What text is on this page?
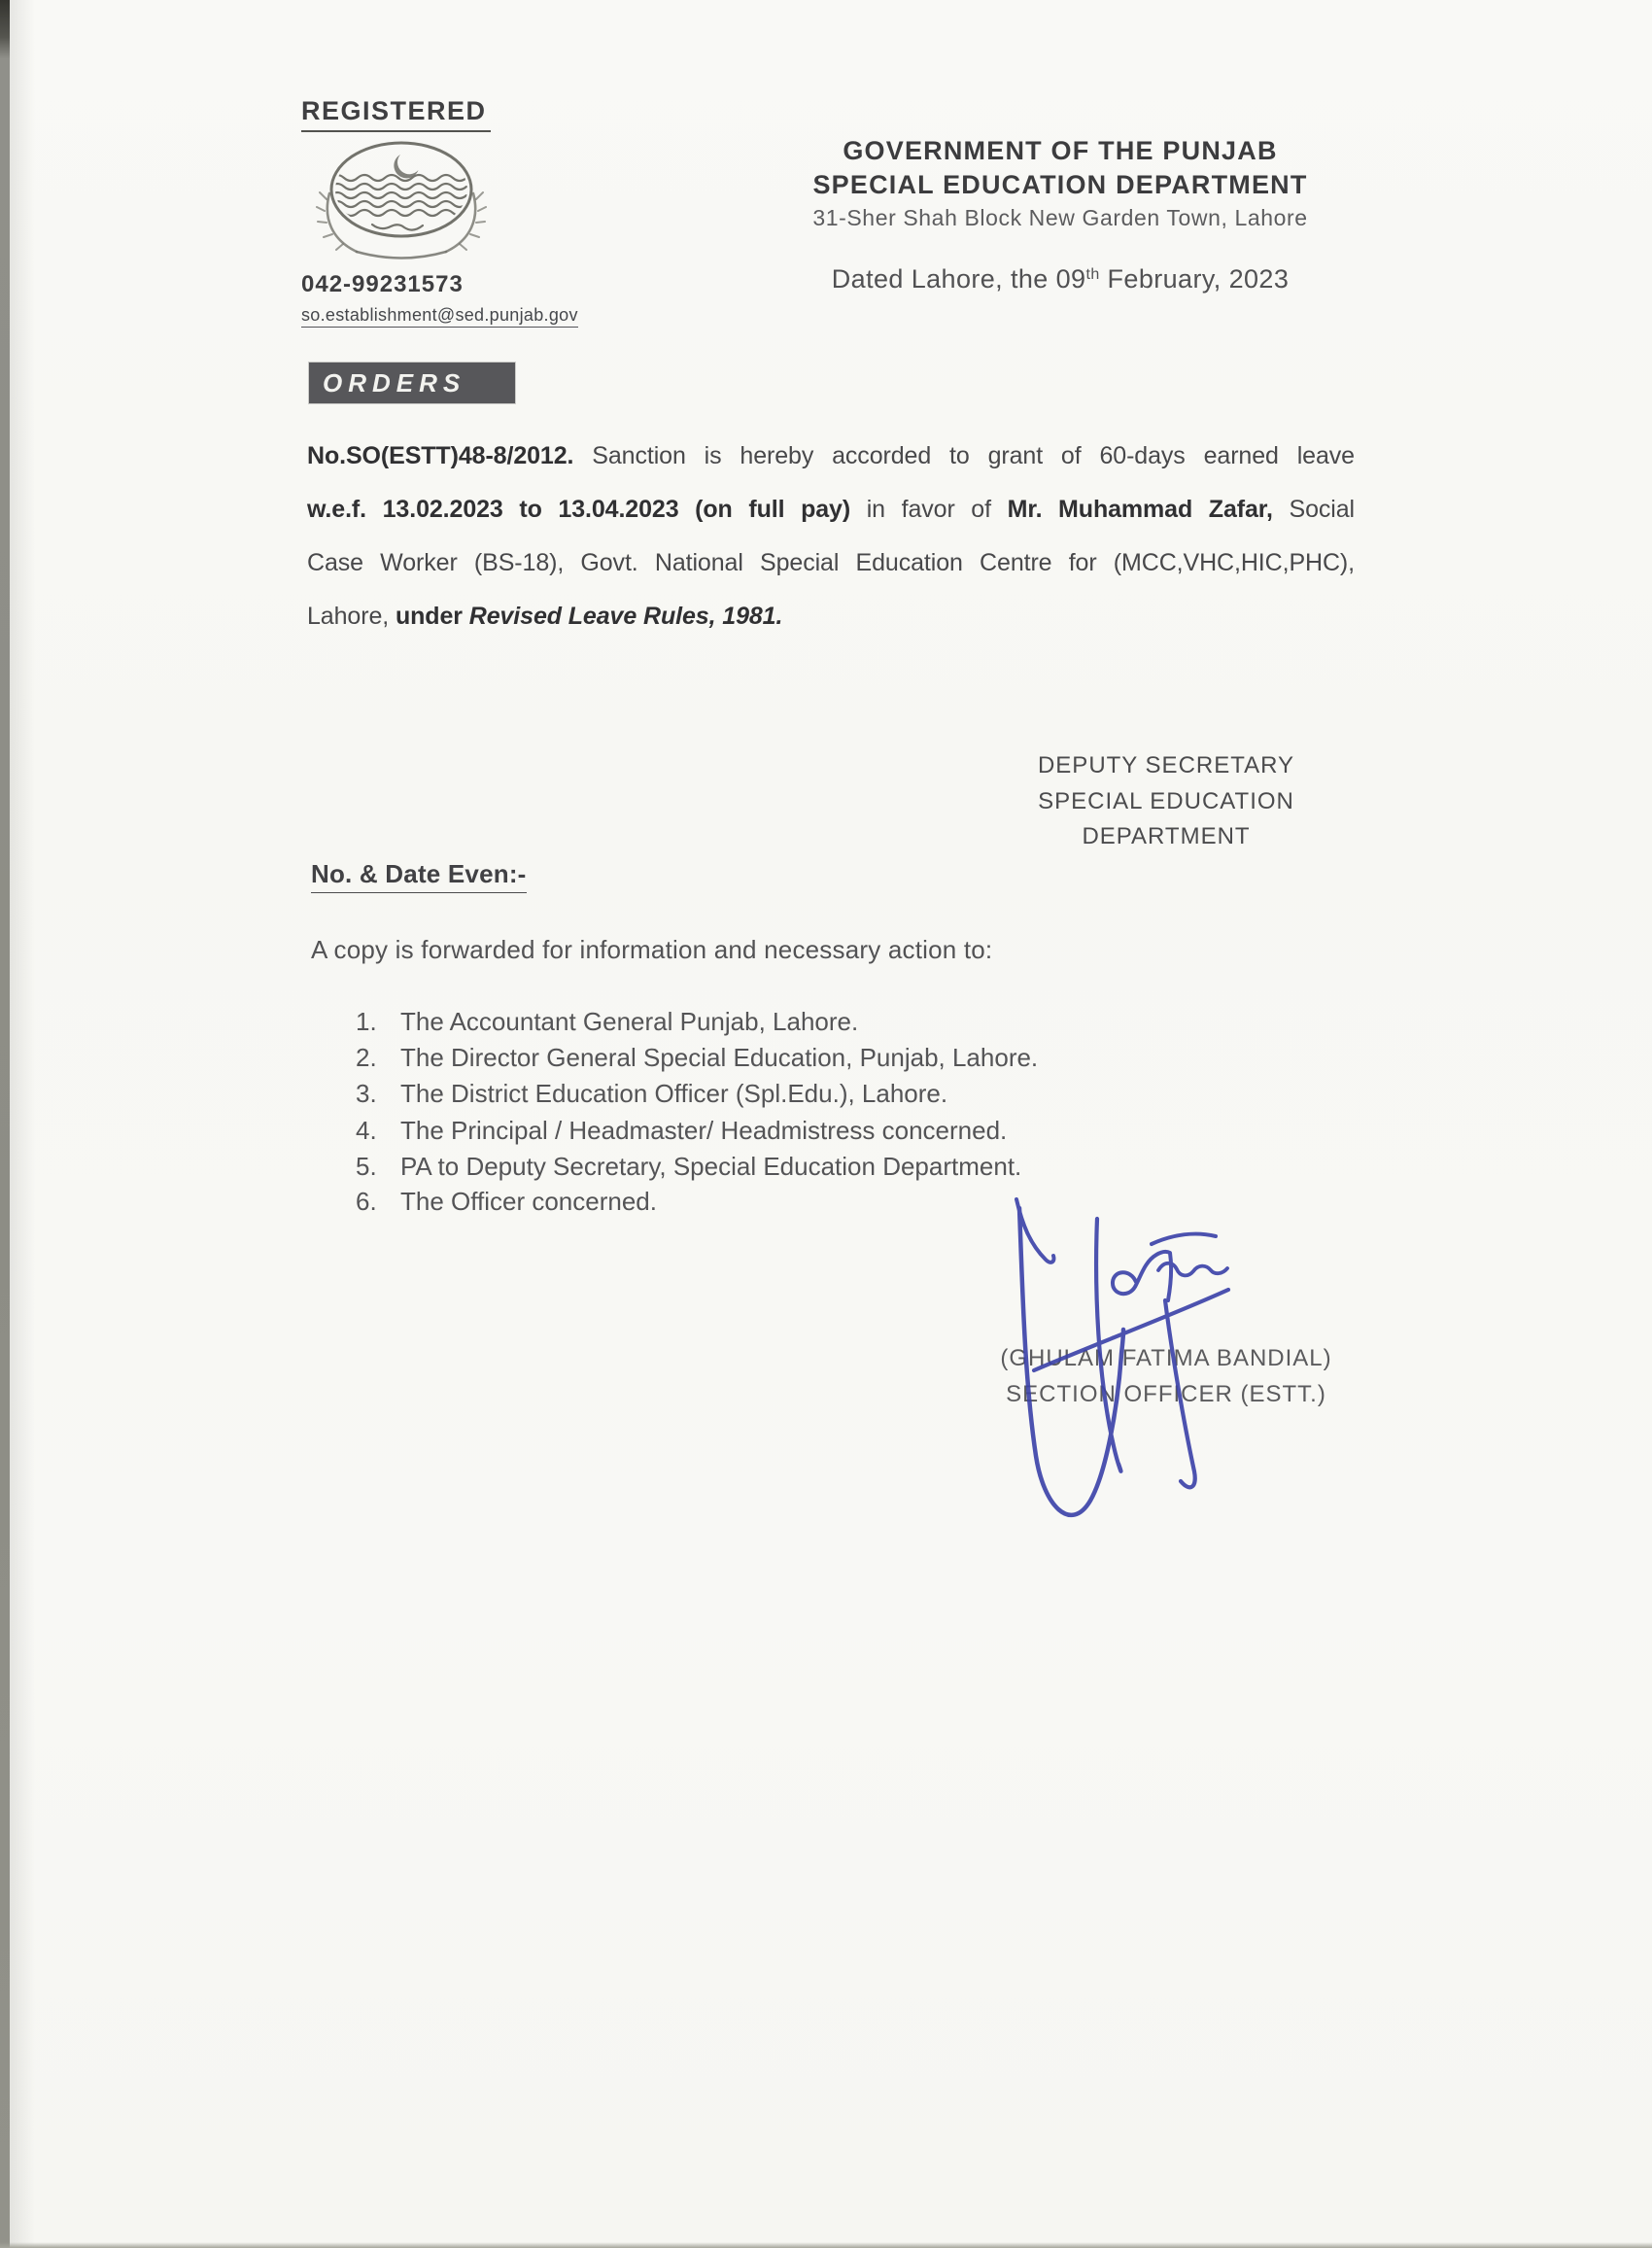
REGISTERED
042-99231573
so.establishment@sed.punjab.gov
GOVERNMENT OF THE PUNJAB
SPECIAL EDUCATION DEPARTMENT
31-Sher Shah Block New Garden Town, Lahore
Dated Lahore, the 09th February, 2023
ORDERS
No.SO(ESTT)48-8/2012. Sanction is hereby accorded to grant of 60-days earned leave
w.e.f. 13.02.2023 to 13.04.2023 (on full pay) in favor of Mr. Muhammad Zafar, Social
Case Worker (BS-18), Govt. National Special Education Centre for (MCC,VHC,HIC,PHC),
Lahore, under Revised Leave Rules, 1981.
DEPUTY SECRETARY
SPECIAL EDUCATION
DEPARTMENT
No. & Date Even:-
A copy is forwarded for information and necessary action to:
1. The Accountant General Punjab, Lahore.
2. The Director General Special Education, Punjab, Lahore.
3. The District Education Officer (Spl.Edu.), Lahore.
4. The Principal / Headmaster/ Headmistress concerned.
5. PA to Deputy Secretary, Special Education Department.
6. The Officer concerned.
(GHULAM FATIMA BANDIAL)
SECTION OFFICER (ESTT.)
